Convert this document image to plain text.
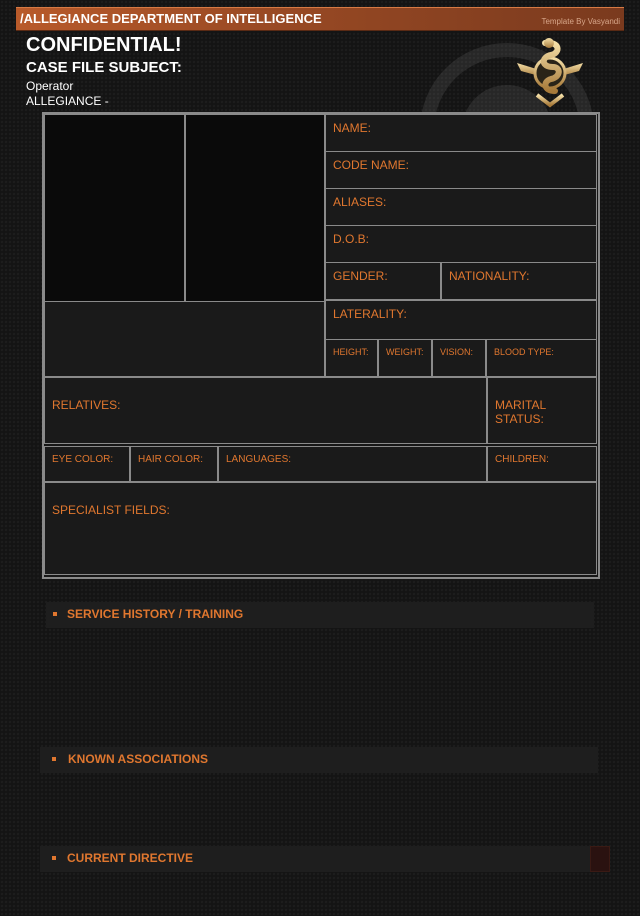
/ALLEGIANCE DEPARTMENT OF INTELLIGENCE	Template By Vasyandi
CONFIDENTIAL!
CASE FILE SUBJECT:
Operator
ALLEGIANCE -
NAME:
CODE NAME:
ALIASES:
D.O.B:
GENDER:	NATIONALITY:
LATERALITY:
HEIGHT: WEIGHT: VISION: BLOOD TYPE:
RELATIVES:	MARITAL STATUS:
EYE COLOR: HAIR COLOR: LANGUAGES:	CHILDREN:
SPECIALIST FIELDS:
SERVICE HISTORY / TRAINING
KNOWN ASSOCIATIONS
CURRENT DIRECTIVE
